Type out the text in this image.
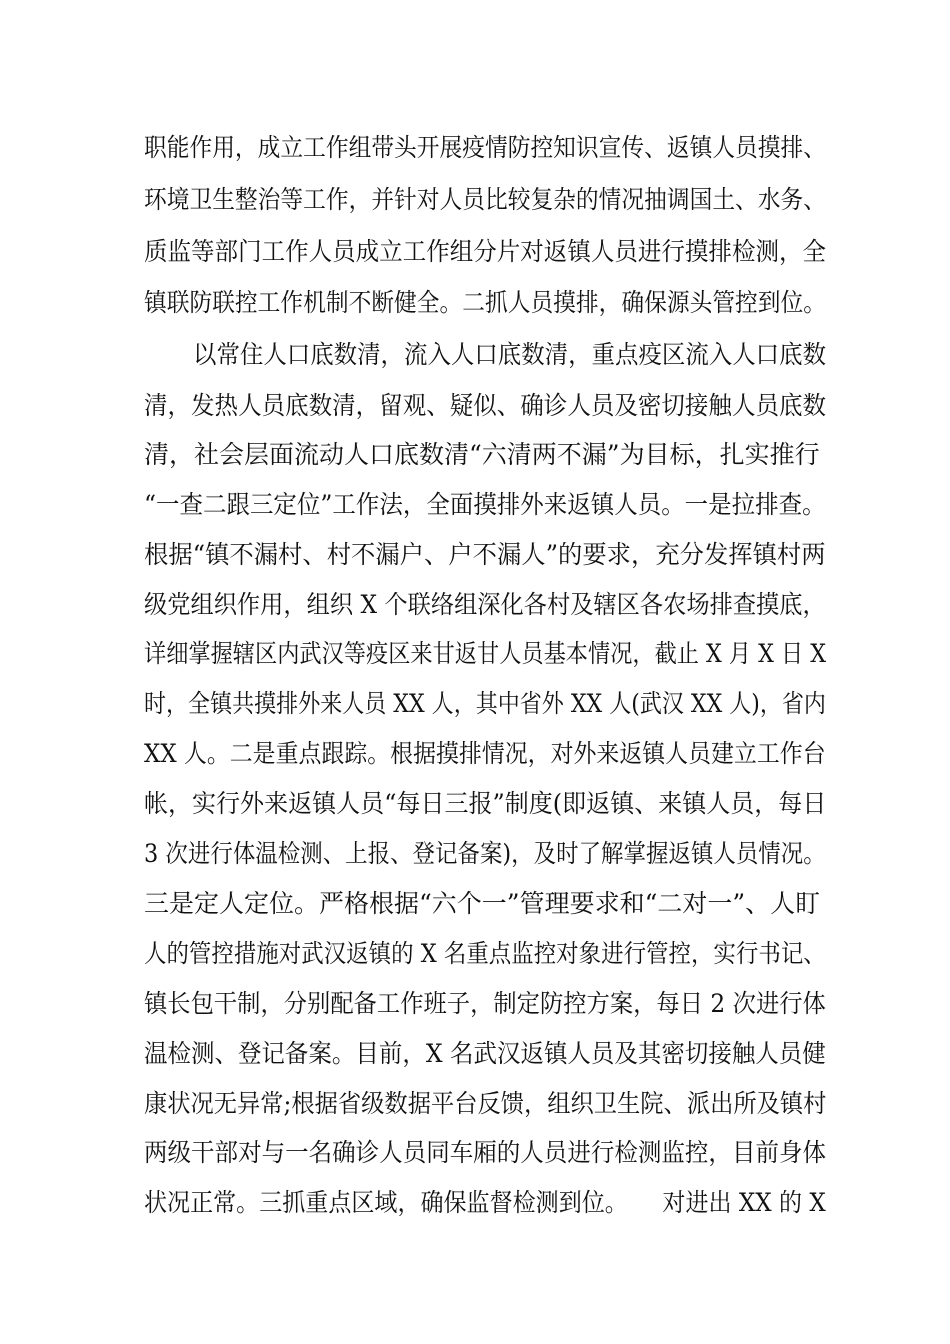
职能作用，成立工作组带头开展疫情防控知识宣传、返镇人员摸排、
环境卫生整治等工作，并针对人员比较复杂的情况抽调国土、水务、
质监等部门工作人员成立工作组分片对返镇人员进行摸排检测，全
镇联防联控工作机制不断健全。二抓人员摸排，确保源头管控到位。
以常住人口底数清，流入人口底数清，重点疫区流入人口底数
清，发热人员底数清，留观、疑似、确诊人员及密切接触人员底数
清，社会层面流动人口底数清“六清两不漏”为目标，扎实推行
“一查二跟三定位”工作法，全面摸排外来返镇人员。一是拉排查。
根据“镇不漏村、村不漏户、户不漏人”的要求，充分发挥镇村两
级党组织作用，组织 X 个联络组深化各村及辖区各农场排查摸底，
详细掌握辖区内武汉等疫区来甘返甘人员基本情况，截止 X 月 X 日 X
时，全镇共摸排外来人员 XX 人，其中省外 XX 人(武汉 XX 人)，省内
XX 人。二是重点跟踪。根据摸排情况，对外来返镇人员建立工作台
帐，实行外来返镇人员“每日三报”制度(即返镇、来镇人员，每日
3 次进行体温检测、上报、登记备案)，及时了解掌握返镇人员情况。
三是定人定位。严格根据“六个一”管理要求和“二对一”、人盯
人的管控措施对武汉返镇的 X 名重点监控对象进行管控，实行书记、
镇长包干制，分别配备工作班子，制定防控方案，每日 2 次进行体
温检测、登记备案。目前，X 名武汉返镇人员及其密切接触人员健
康状况无异常;根据省级数据平台反馈，组织卫生院、派出所及镇村
两级干部对与一名确诊人员同车厢的人员进行检测监控，目前身体
状况正常。三抓重点区域，确保监督检测到位。　　对进出 XX 的 X
